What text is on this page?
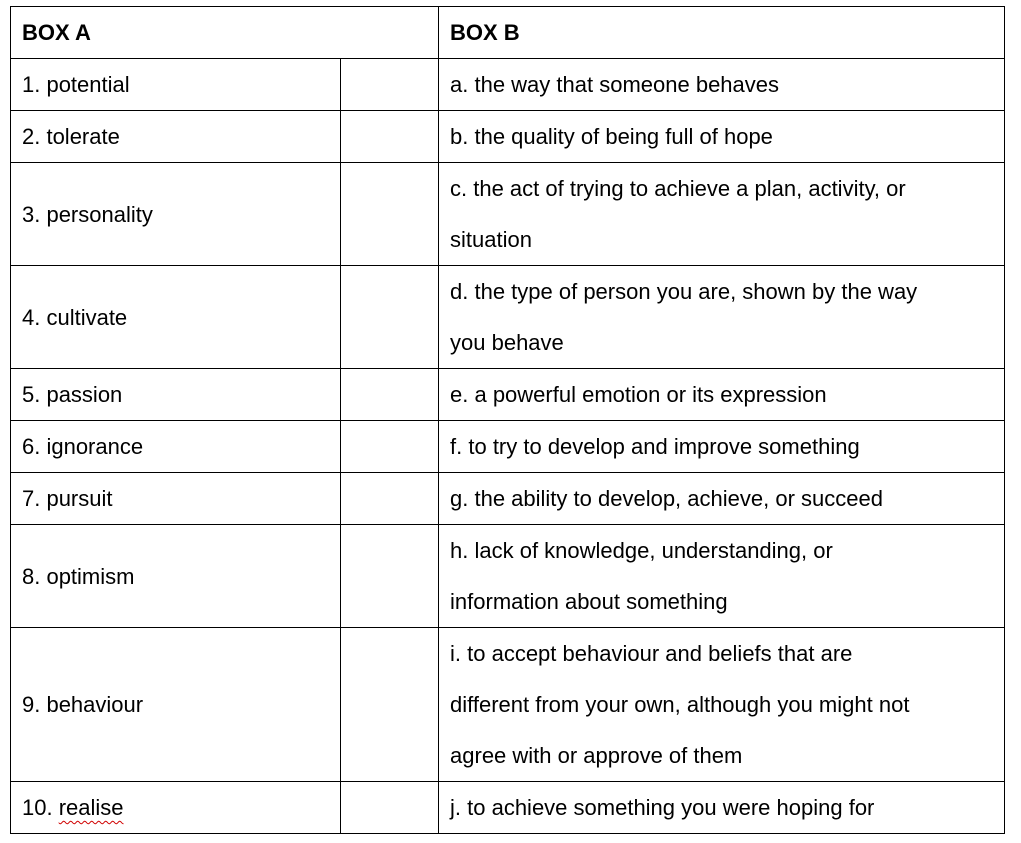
BOX A		BOX B
1. potential		a. the way that someone behaves

2. tolerate		b. the quality of being full of hope

3. personality		c. the act of trying to achieve a plan, activity, or
situation

4. cultivate		d. the type of person you are, shown by the way
you behave

5. passion		e. a powerful emotion or its expression

6. ignorance		f. to try to develop and improve something

7. pursuit		g. the ability to develop, achieve, or succeed

8. optimism		h. lack of knowledge, understanding, or
information about something

9. behaviour		i. to accept behaviour and beliefs that are
different from your own, although you might not
agree with or approve of them

10. realise		j. to achieve something you were hoping for
